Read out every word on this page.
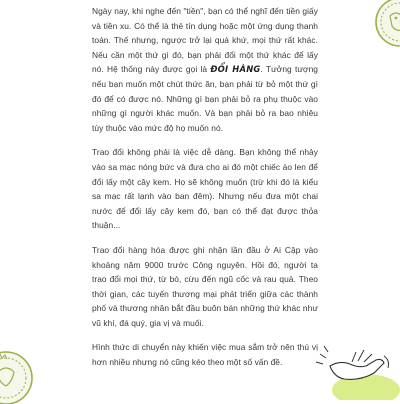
Ngày nay, khi nghe đến "tiền", bạn có thể nghĩ đến tiền giấy và tiền xu. Có thể là thẻ tín dụng hoặc một ứng dụng thanh toán. Thế nhưng, ngược trở lại quá khứ, mọi thứ rất khác. Nếu cần một thứ gì đó, bạn phải đổi một thứ khác để lấy nó. Hệ thống này được gọi là ĐỔI HÀNG. Tưởng tượng nếu bạn muốn một chút thức ăn, bạn phải từ bỏ một thứ gì đó để có được nó. Những gì bạn phải bỏ ra phụ thuộc vào những gì người khác muốn. Và bạn phải bỏ ra bao nhiêu tùy thuộc vào mức độ họ muốn nó.

Trao đổi không phải là việc dễ dàng. Bạn không thể nhảy vào sa mạc nóng bức và đưa cho ai đó một chiếc áo len để đổi lấy một cây kem. Họ sẽ không muốn (trừ khi đó là kiểu sa mạc rất lạnh vào ban đêm). Nhưng nếu đưa một chai nước để đổi lấy cây kem đó, bạn có thể đạt được thỏa thuận...

Trao đổi hàng hóa được ghi nhận lần đầu ở Ai Cập vào khoảng năm 9000 trước Công nguyên. Hồi đó, người ta trao đổi mọi thứ, từ bò, cừu đến ngũ cốc và rau quả. Theo thời gian, các tuyến thương mại phát triển giữa các thành phố và thương nhân bắt đầu buôn bán những thứ khác như vũ khí, đá quý, gia vị và muối.

Hình thức di chuyển này khiến việc mua sắm trở nên thú vị hơn nhiều nhưng nó cũng kéo theo một số vấn đề.
